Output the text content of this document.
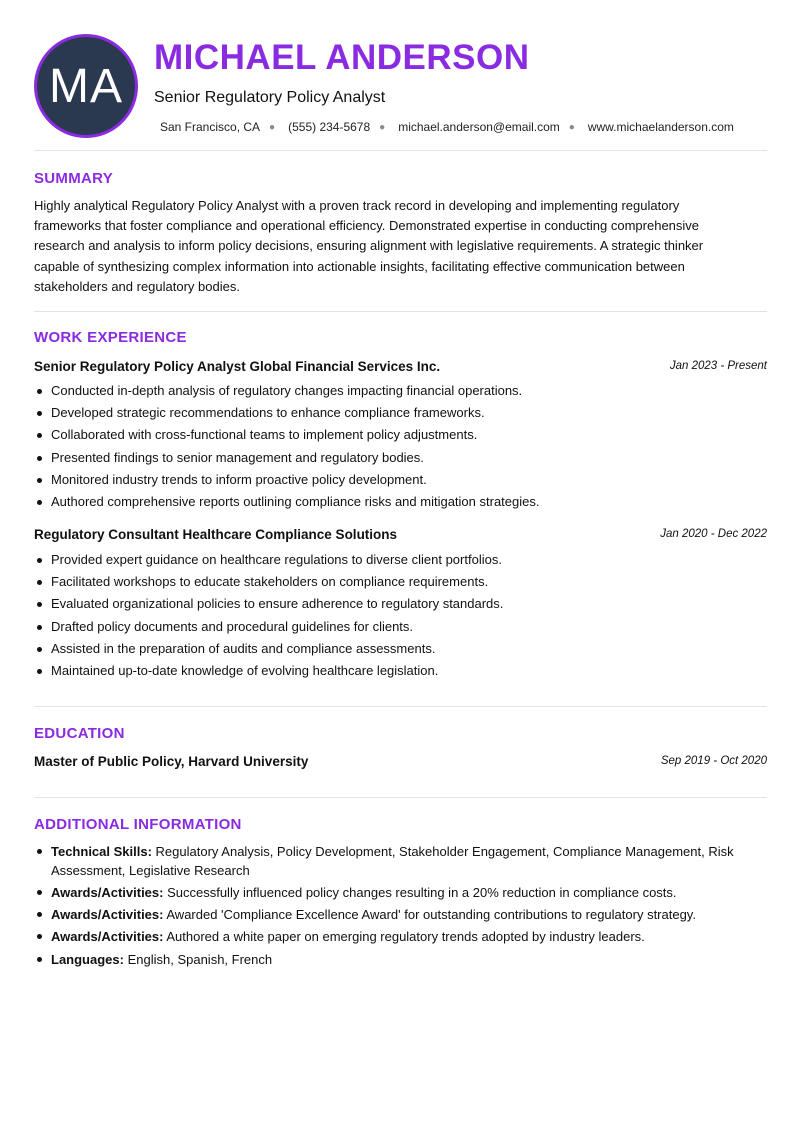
MA
MICHAEL ANDERSON
Senior Regulatory Policy Analyst
San Francisco, CA ● (555) 234-5678 ● michael.anderson@email.com ● www.michaelanderson.com
SUMMARY
Highly analytical Regulatory Policy Analyst with a proven track record in developing and implementing regulatory frameworks that foster compliance and operational efficiency. Demonstrated expertise in conducting comprehensive research and analysis to inform policy decisions, ensuring alignment with legislative requirements. A strategic thinker capable of synthesizing complex information into actionable insights, facilitating effective communication between stakeholders and regulatory bodies.
WORK EXPERIENCE
Senior Regulatory Policy Analyst Global Financial Services Inc.	Jan 2023 - Present
Conducted in-depth analysis of regulatory changes impacting financial operations.
Developed strategic recommendations to enhance compliance frameworks.
Collaborated with cross-functional teams to implement policy adjustments.
Presented findings to senior management and regulatory bodies.
Monitored industry trends to inform proactive policy development.
Authored comprehensive reports outlining compliance risks and mitigation strategies.
Regulatory Consultant Healthcare Compliance Solutions	Jan 2020 - Dec 2022
Provided expert guidance on healthcare regulations to diverse client portfolios.
Facilitated workshops to educate stakeholders on compliance requirements.
Evaluated organizational policies to ensure adherence to regulatory standards.
Drafted policy documents and procedural guidelines for clients.
Assisted in the preparation of audits and compliance assessments.
Maintained up-to-date knowledge of evolving healthcare legislation.
EDUCATION
Master of Public Policy, Harvard University	Sep 2019 - Oct 2020
ADDITIONAL INFORMATION
Technical Skills: Regulatory Analysis, Policy Development, Stakeholder Engagement, Compliance Management, Risk Assessment, Legislative Research
Awards/Activities: Successfully influenced policy changes resulting in a 20% reduction in compliance costs.
Awards/Activities: Awarded 'Compliance Excellence Award' for outstanding contributions to regulatory strategy.
Awards/Activities: Authored a white paper on emerging regulatory trends adopted by industry leaders.
Languages: English, Spanish, French
